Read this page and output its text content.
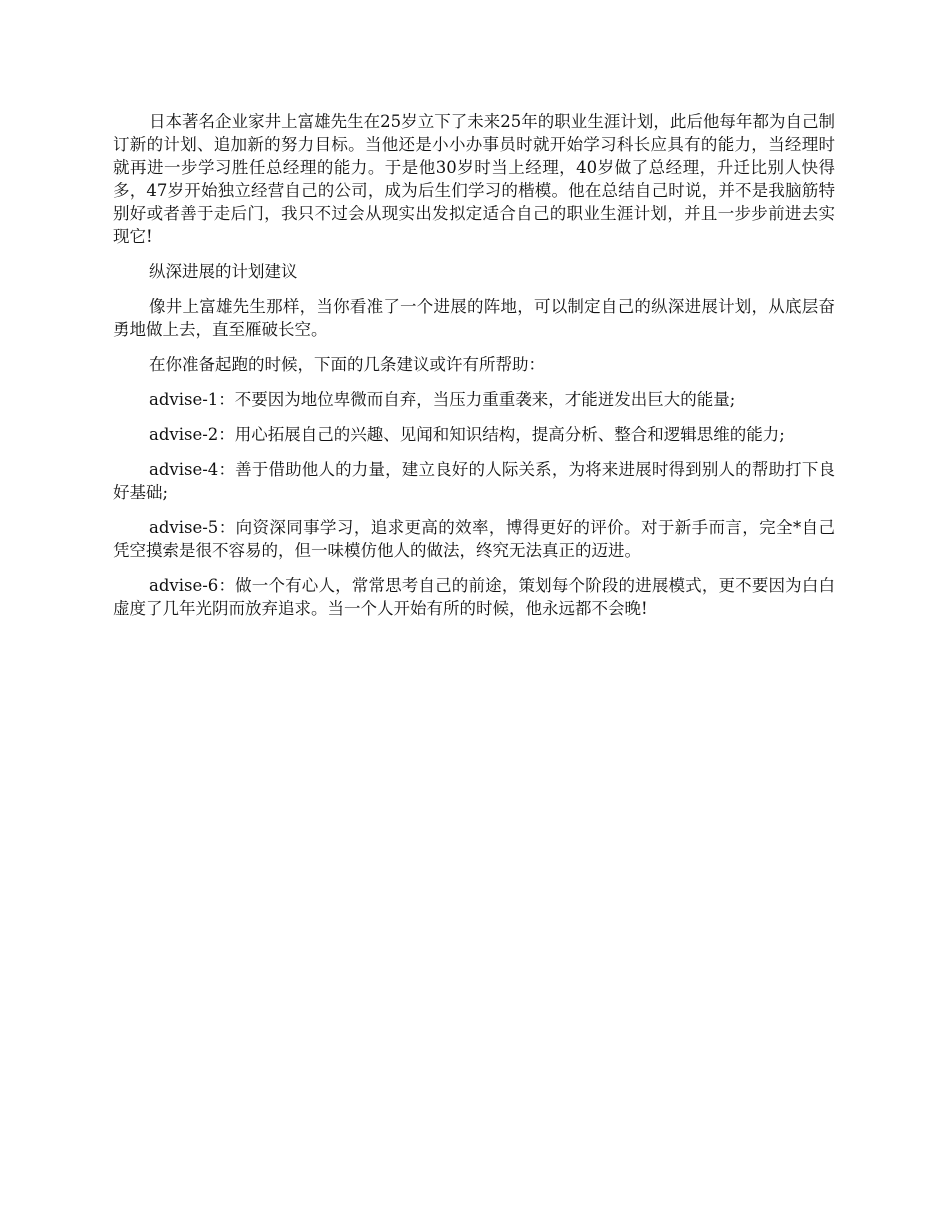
日本著名企业家井上富雄先生在25岁立下了未来25年的职业生涯计划，此后他每年都为自己制订新的计划、追加新的努力目标。当他还是小小办事员时就开始学习科长应具有的能力，当经理时就再进一步学习胜任总经理的能力。于是他30岁时当上经理，40岁做了总经理，升迁比别人快得多，47岁开始独立经营自己的公司，成为后生们学习的楷模。他在总结自己时说，并不是我脑筋特别好或者善于走后门，我只不过会从现实出发拟定适合自己的职业生涯计划，并且一步步前进去实现它!

纵深进展的计划建议

像井上富雄先生那样，当你看准了一个进展的阵地，可以制定自己的纵深进展计划，从底层奋勇地做上去，直至雁破长空。

在你准备起跑的时候，下面的几条建议或许有所帮助：

advise-1：不要因为地位卑微而自弃，当压力重重袭来，才能迸发出巨大的能量;

advise-2：用心拓展自己的兴趣、见闻和知识结构，提高分析、整合和逻辑思维的能力;

advise-4：善于借助他人的力量，建立良好的人际关系，为将来进展时得到别人的帮助打下良好基础;

advise-5：向资深同事学习，追求更高的效率，博得更好的评价。对于新手而言，完全*自己凭空摸索是很不容易的，但一味模仿他人的做法，终究无法真正的迈进。

advise-6：做一个有心人，常常思考自己的前途，策划每个阶段的进展模式，更不要因为白白虚度了几年光阴而放弃追求。当一个人开始有所的时候，他永远都不会晚!
